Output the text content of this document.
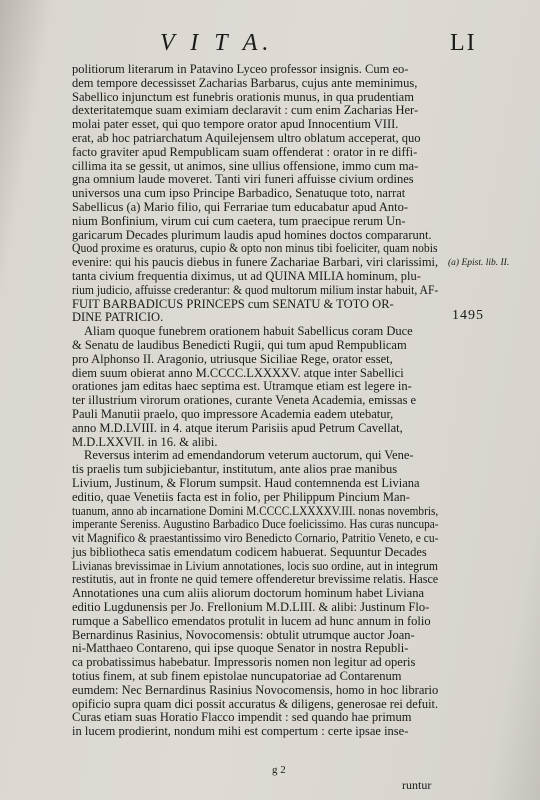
V I T A.	LI

politiorum literarum in Patavino Lyceo professor insignis. Cum eo-
dem tempore decessisset Zacharias Barbarus, cujus ante meminimus,
Sabellico injunctum est funebris orationis munus, in qua prudentiam
dexteritatemque suam eximiam declaravit : cum enim Zacharias Her-
molai pater esset, qui quo tempore orator apud Innocentium VIII.
erat, ab hoc patriarchatum Aquilejensem ultro oblatum acceperat, quo
facto graviter apud Rempublicam suam offenderat : orator in re diffi-
cillima ita se gessit, ut animos, sine ullius offensione, immo cum ma-
gna omnium laude moveret. Tanti viri funeri affuisse civium ordines
universos una cum ipso Principe Barbadico, Senatuque toto, narrat
Sabellicus (a) Mario filio, qui Ferrariae tum educabatur apud Anto-
nium Bonfinium, virum cui cum caetera, tum praecipue rerum Un-
garicarum Decades plurimum laudis apud homines doctos compararunt.
Quod proxime es oraturus, cupio & opto non minus tibi foeliciter, quam nobis
evenire: qui his paucis diebus in funere Zachariae Barbari, viri clarissimi,
tanta civium frequentia diximus, ut ad QUINA MILIA hominum, plu-
rium judicio, affuisse crederantur: & quod multorum milium instar habuit, AF-
FUIT BARBADICUS PRINCEPS cum SENATU & TOTO OR-
DINE PATRICIO.

Aliam quoque funebrem orationem habuit Sabellicus coram Duce
& Senatu de laudibus Benedicti Rugii, qui tum apud Rempublicam
pro Alphonso II. Aragonio, utriusque Siciliae Rege, orator esset,
diem suum obierat anno M.CCCC.LXXXXV. atque inter Sabellici
orationes jam editas haec septima est. Utramque etiam est legere in-
ter illustrium virorum orationes, curante Veneta Academia, emissas e
Pauli Manutii praelo, quo impressore Academia eadem utebatur,
anno M.D.LVIII. in 4. atque iterum Parisiis apud Petrum Cavellat,
M.D.LXXVII. in 16. & alibi.

Reversus interim ad emendandorum veterum auctorum, qui Vene-
tis praelis tum subjiciebantur, institutum, ante alios prae manibus
Livium, Justinum, & Florum sumpsit. Haud contemnenda est Liviana
editio, quae Venetiis facta est in folio, per Philippum Pincium Man-
tuanum, anno ab incarnatione Domini M.CCCC.LXXXXV.III. nonas novembris,
imperante Sereniss. Augustino Barbadico Duce foelicissimo. Has curas nuncupa-
vit Magnifico & praestantissimo viro Benedicto Cornario, Patritio Veneto, e cu-
jus bibliotheca satis emendatum codicem habuerat. Sequuntur Decades
Livianas brevissimae in Livium annotationes, locis suo ordine, aut in integrum
restitutis, aut in fronte ne quid temere offenderetur brevissime relatis. Hasce
Annotationes una cum aliis aliorum doctorum hominum habet Liviana
editio Lugdunensis per Jo. Frellonium M.D.LIII. & alibi: Justinum Flo-
rumque a Sabellico emendatos protulit in lucem ad hunc annum in folio
Bernardinus Rasinius, Novocomensis: obtulit utrumque auctor Joan-
ni-Matthaeo Contareno, qui ipse quoque Senator in nostra Republi-
ca probatissimus habebatur. Impressoris nomen non legitur ad operis
totius finem, at sub finem epistolae nuncupatoriae ad Contarenum
eumdem: Nec Bernardinus Rasinius Novocomensis, homo in hoc librario
opificio supra quam dici possit accuratus & diligens, generosae rei defuit.
Curas etiam suas Horatio Flacco impendit : sed quando hae primum
in lucem prodierint, nondum mihi est compertum : certe ipsae inse-

(a) Epist. lib. II.
1495
g 2
runtur
